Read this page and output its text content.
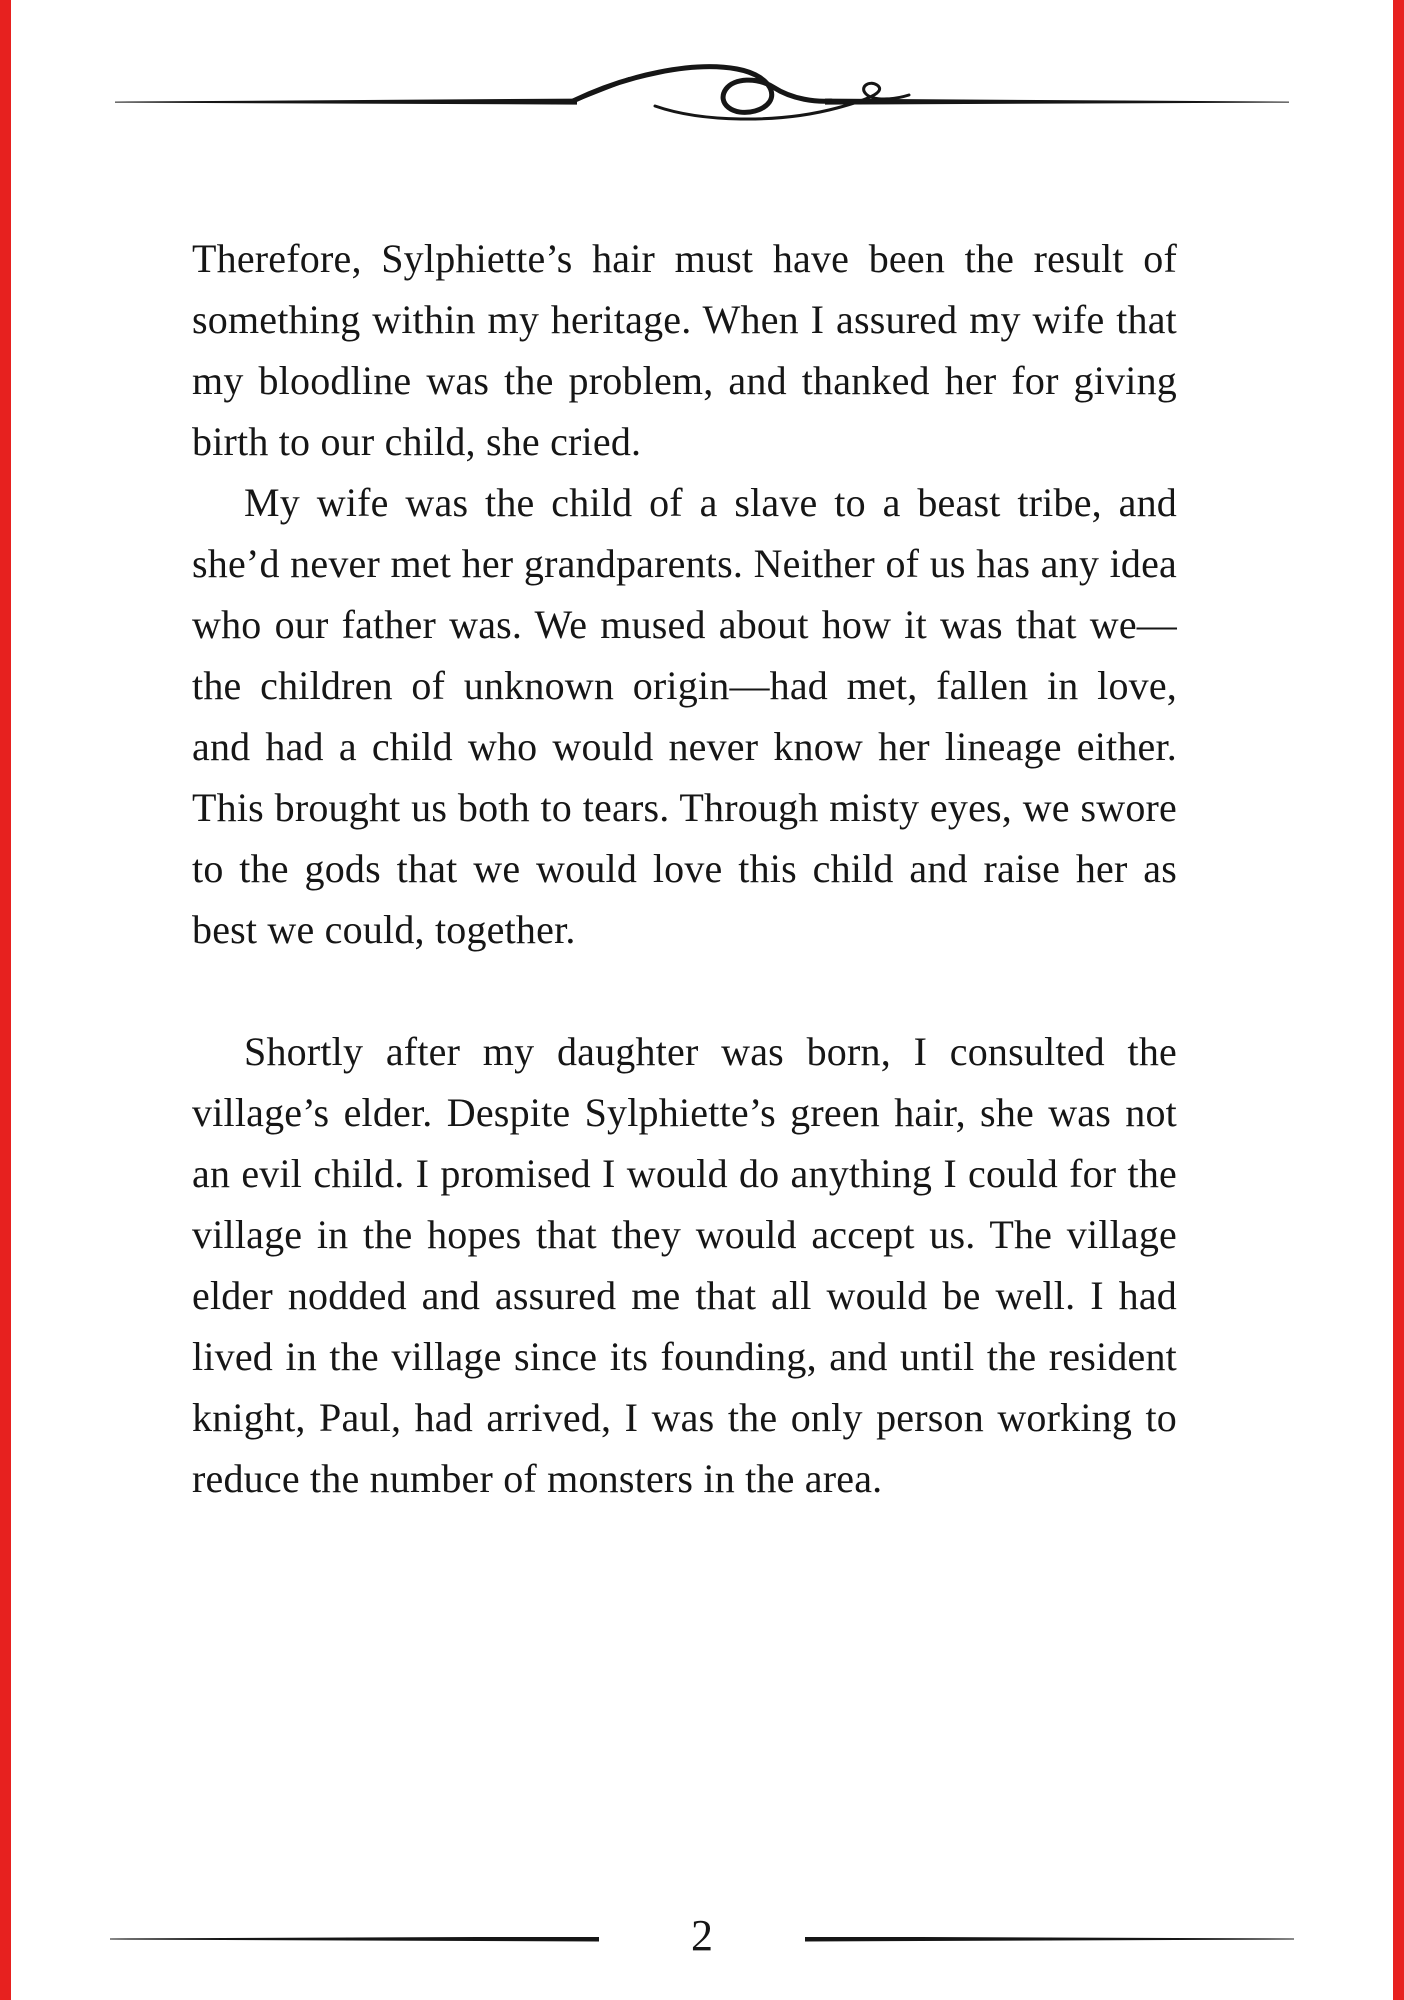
Therefore, Sylphiette’s hair must have been the result of something within my heritage. When I assured my wife that my bloodline was the problem, and thanked her for giving birth to our child, she cried.

My wife was the child of a slave to a beast tribe, and she’d never met her grandparents. Neither of us has any idea who our father was. We mused about how it was that we—the children of unknown origin—had met, fallen in love, and had a child who would never know her lineage either. This brought us both to tears. Through misty eyes, we swore to the gods that we would love this child and raise her as best we could, together.

Shortly after my daughter was born, I consulted the village’s elder. Despite Sylphiette’s green hair, she was not an evil child. I promised I would do anything I could for the village in the hopes that they would accept us. The village elder nodded and assured me that all would be well. I had lived in the village since its founding, and until the resident knight, Paul, had arrived, I was the only person working to reduce the number of monsters in the area.

2
